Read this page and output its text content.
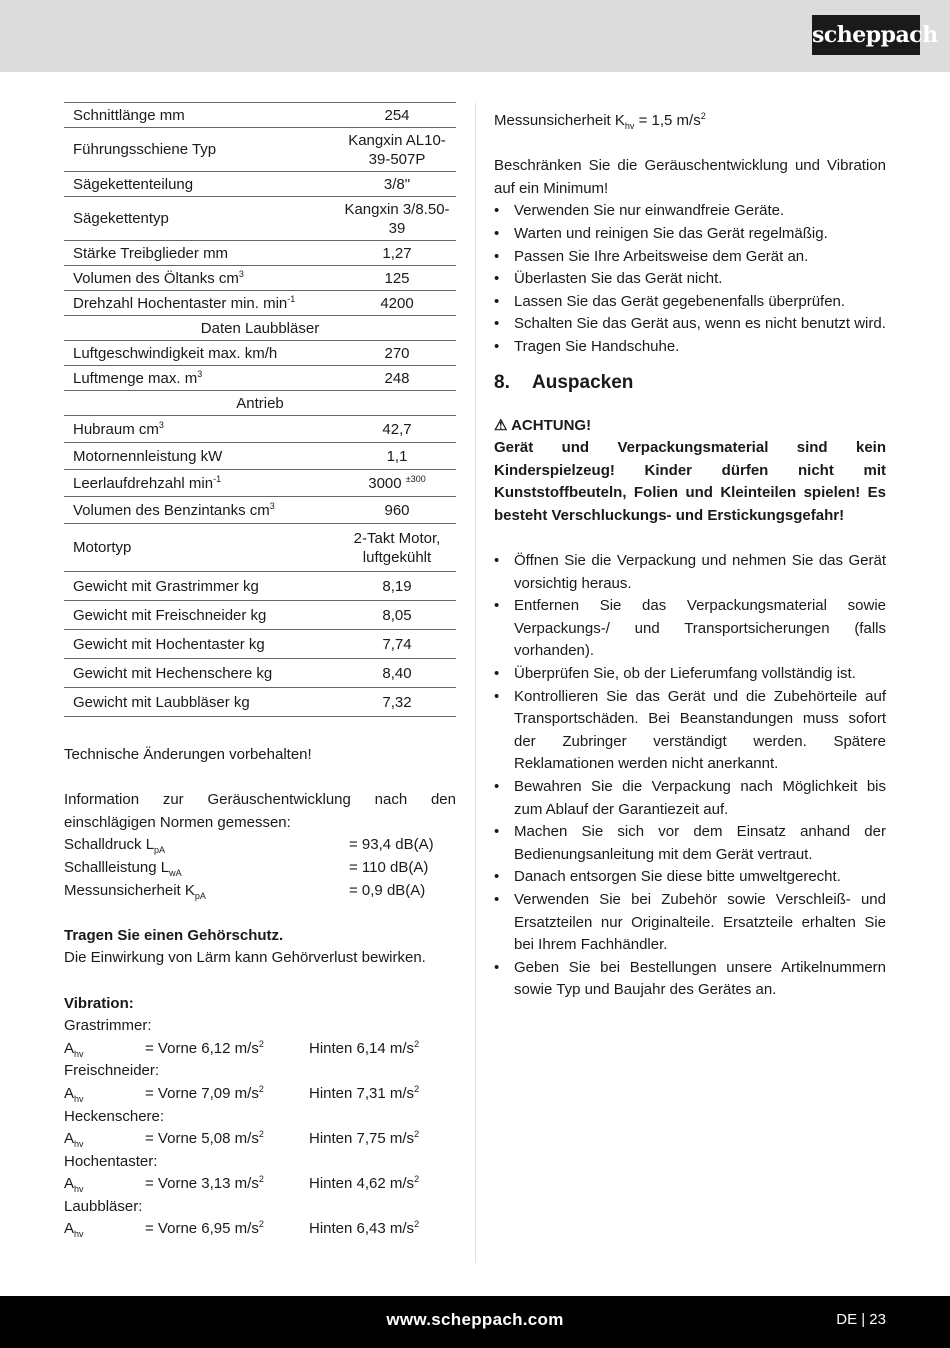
scheppach
Schnittlänge mm	254
Führungsschiene Typ	Kangxin AL10-39-507P
Sägekettenteilung	3/8"
Sägekettentyp	Kangxin 3/8.50-39
Stärke Treibglieder mm	1,27
Volumen des Öltanks $cm^3$	125
Drehzahl Hochentaster min. $\min^{-1}$	4200
Daten Laubbläser	
Luftgeschwindigkeit max. km/h	270
Luftmenge max. $m^3$	248
Antrieb	
Hubraum $cm^3$	42,7
Motornennleistung kW	1,1
Leerlaufdrehzahl $\min^{-1}$	3000 $^{\pm 300}$
Volumen des Benzintanks $cm^3$	960
Motortyp	2-Takt Motor, luftgekühlt
Gewicht mit Grastrimmer kg	8,19
Gewicht mit Freischneider kg	8,05
Gewicht mit Hochentaster kg	7,74
Gewicht mit Hechenschere kg	8,40
Gewicht mit Laubbläser kg	7,32

Technische Änderungen vorbehalten!

Information zur Geräuschentwicklung nach den einschlägigen Normen gemessen:

Schalldruck $L_{pA}$	= 93,4 dB(A)
Schallleistung $L_{wA}$	= 110 dB(A)
Messunsicherheit $K_{pA}$	= 0,9 dB(A)

Tragen Sie einen Gehörschutz.

Die Einwirkung von Lärm kann Gehörverlust bewirken.

Vibration:

Grastrimmer:
$A_{hv}$	= Vorne 6,12 $m/s^2$	Hinten 6,14 $m/s^2$
Freischneider:
$A_{hv}$	= Vorne 7,09 $m/s^2$	Hinten 7,31 $m/s^2$
Heckenschere:
$A_{hv}$	= Vorne 5,08 $m/s^2$	Hinten 7,75 $m/s^2$
Hochentaster:
$A_{hv}$	= Vorne 3,13 $m/s^2$	Hinten 4,62 $m/s^2$
Laubbläser:
$A_{hv}$	= Vorne 6,95 $m/s^2$	Hinten 6,43 $m/s^2$

Messunsicherheit $K_{hv} = 1,5$ $m/s^2$

Beschränken Sie die Geräuschentwicklung und Vibration auf ein Minimum!

• Verwenden Sie nur einwandfreie Geräte.
• Warten und reinigen Sie das Gerät regelmäßig.
• Passen Sie Ihre Arbeitsweise dem Gerät an.
• Überlasten Sie das Gerät nicht.
• Lassen Sie das Gerät gegebenenfalls überprüfen.
• Schalten Sie das Gerät aus, wenn es nicht benutzt wird.
• Tragen Sie Handschuhe.
8. Auspacken

⚠ ACHTUNG!

Gerät und Verpackungsmaterial sind kein Kinderspielzeug! Kinder dürfen nicht mit Kunststoffbeuteln, Folien und Kleinteilen spielen! Es besteht Verschluckungs- und Erstickungsgefahr!

• Öffnen Sie die Verpackung und nehmen Sie das Gerät vorsichtig heraus.
• Entfernen Sie das Verpackungsmaterial sowie Verpackungs-/ und Transportsicherungen (falls vorhanden).
• Überprüfen Sie, ob der Lieferumfang vollständig ist.
• Kontrollieren Sie das Gerät und die Zubehörteile auf Transportschäden. Bei Beanstandungen muss sofort der Zubringer verständigt werden. Spätere Reklamationen werden nicht anerkannt.
• Bewahren Sie die Verpackung nach Möglichkeit bis zum Ablauf der Garantiezeit auf.
• Machen Sie sich vor dem Einsatz anhand der Bedienungsanleitung mit dem Gerät vertraut.
• Danach entsorgen Sie diese bitte umweltgerecht.
• Verwenden Sie bei Zubehör sowie Verschleiß- und Ersatzteilen nur Originalteile. Ersatzteile erhalten Sie bei Ihrem Fachhändler.
• Geben Sie bei Bestellungen unsere Artikelnummern sowie Typ und Baujahr des Gerätes an.
www.scheppach.com	DE | 23
